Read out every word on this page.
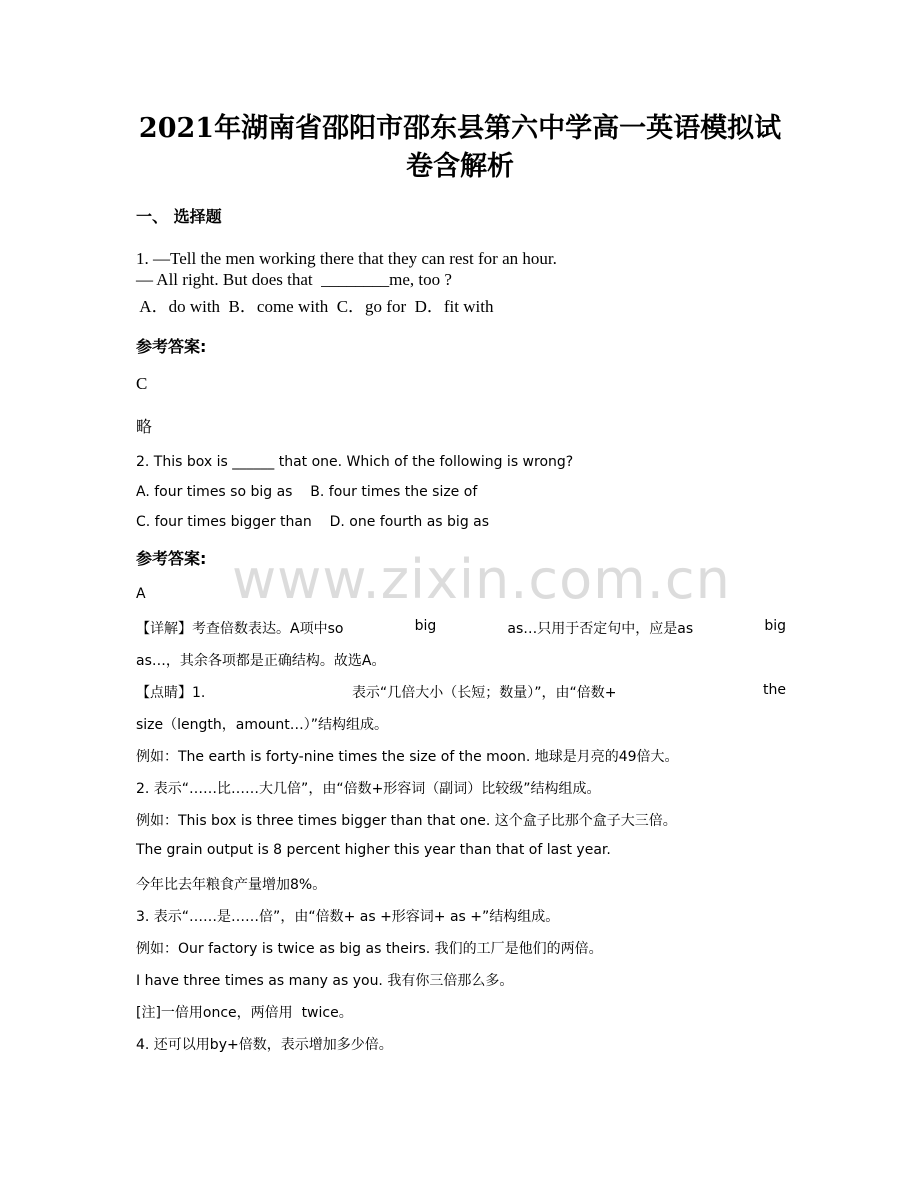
www.zixin.com.cn
2021年湖南省邵阳市邵东县第六中学高一英语模拟试
卷含解析
一、 选择题
1. —Tell the men working there that they can rest for an hour.
— All right. But does that  ________me, too ?
A．do with  B．come with  C．go for  D．fit with
参考答案:
C
略
2. This box is ______ that one. Which of the following is wrong?
A. four times so big as    B. four times the size of
C. four times bigger than    D. one fourth as big as
参考答案:
A
【详解】考查倍数表达。A项中so	big	as…只用于否定句中，应是as	big
as…，其余各项都是正确结构。故选A。
【点睛】1.	表示“几倍大小（长短；数量）”，由“倍数+	the
size（length，amount…）”结构组成。
例如：The earth is forty-nine times the size of the moon. 地球是月亮的49倍大。
2. 表示“……比……大几倍”，由“倍数+形容词（副词）比较级”结构组成。
例如：This box is three times bigger than that one. 这个盒子比那个盒子大三倍。
The grain output is 8 percent higher this year than that of last year.
今年比去年粮食产量增加8%。
3. 表示“……是……倍”，由“倍数+ as +形容词+ as +”结构组成。
例如：Our factory is twice as big as theirs. 我们的工厂是他们的两倍。
I have three times as many as you. 我有你三倍那么多。
[注]一倍用once，两倍用  twice。
4. 还可以用by+倍数，表示增加多少倍。
